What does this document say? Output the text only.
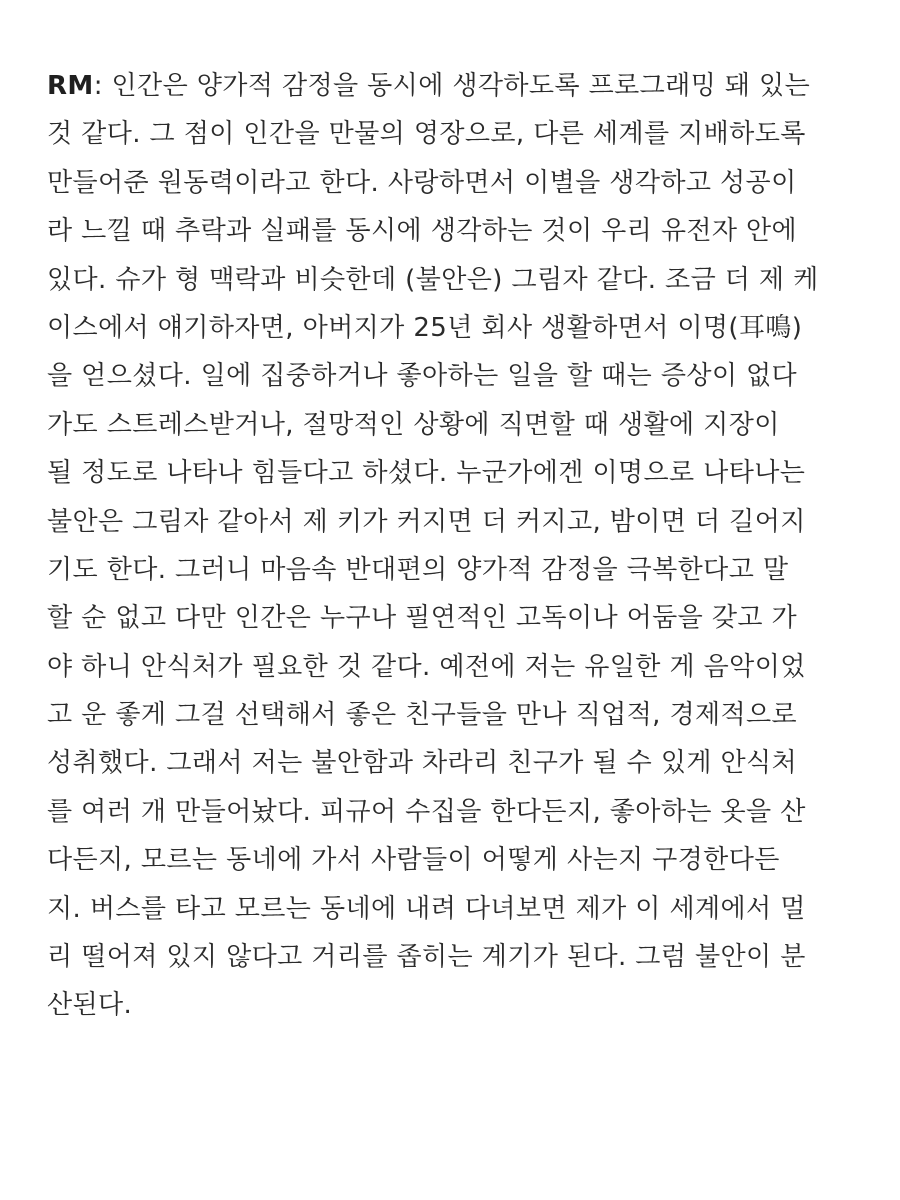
RM: 인간은 양가적 감정을 동시에 생각하도록 프로그래밍 돼 있는
것 같다. 그 점이 인간을 만물의 영장으로, 다른 세계를 지배하도록
만들어준 원동력이라고 한다. 사랑하면서 이별을 생각하고 성공이
라 느낄 때 추락과 실패를 동시에 생각하는 것이 우리 유전자 안에
있다. 슈가 형 맥락과 비슷한데 (불안은) 그림자 같다. 조금 더 제 케
이스에서 얘기하자면, 아버지가 25년 회사 생활하면서 이명(耳鳴)
을 얻으셨다. 일에 집중하거나 좋아하는 일을 할 때는 증상이 없다
가도 스트레스받거나, 절망적인 상황에 직면할 때 생활에 지장이
될 정도로 나타나 힘들다고 하셨다. 누군가에겐 이명으로 나타나는
불안은 그림자 같아서 제 키가 커지면 더 커지고, 밤이면 더 길어지
기도 한다. 그러니 마음속 반대편의 양가적 감정을 극복한다고 말
할 순 없고 다만 인간은 누구나 필연적인 고독이나 어둠을 갖고 가
야 하니 안식처가 필요한 것 같다. 예전에 저는 유일한 게 음악이었
고 운 좋게 그걸 선택해서 좋은 친구들을 만나 직업적, 경제적으로
성취했다. 그래서 저는 불안함과 차라리 친구가 될 수 있게 안식처
를 여러 개 만들어놨다. 피규어 수집을 한다든지, 좋아하는 옷을 산
다든지, 모르는 동네에 가서 사람들이 어떻게 사는지 구경한다든
지. 버스를 타고 모르는 동네에 내려 다녀보면 제가 이 세계에서 멀
리 떨어져 있지 않다고 거리를 좁히는 계기가 된다. 그럼 불안이 분
산된다.
